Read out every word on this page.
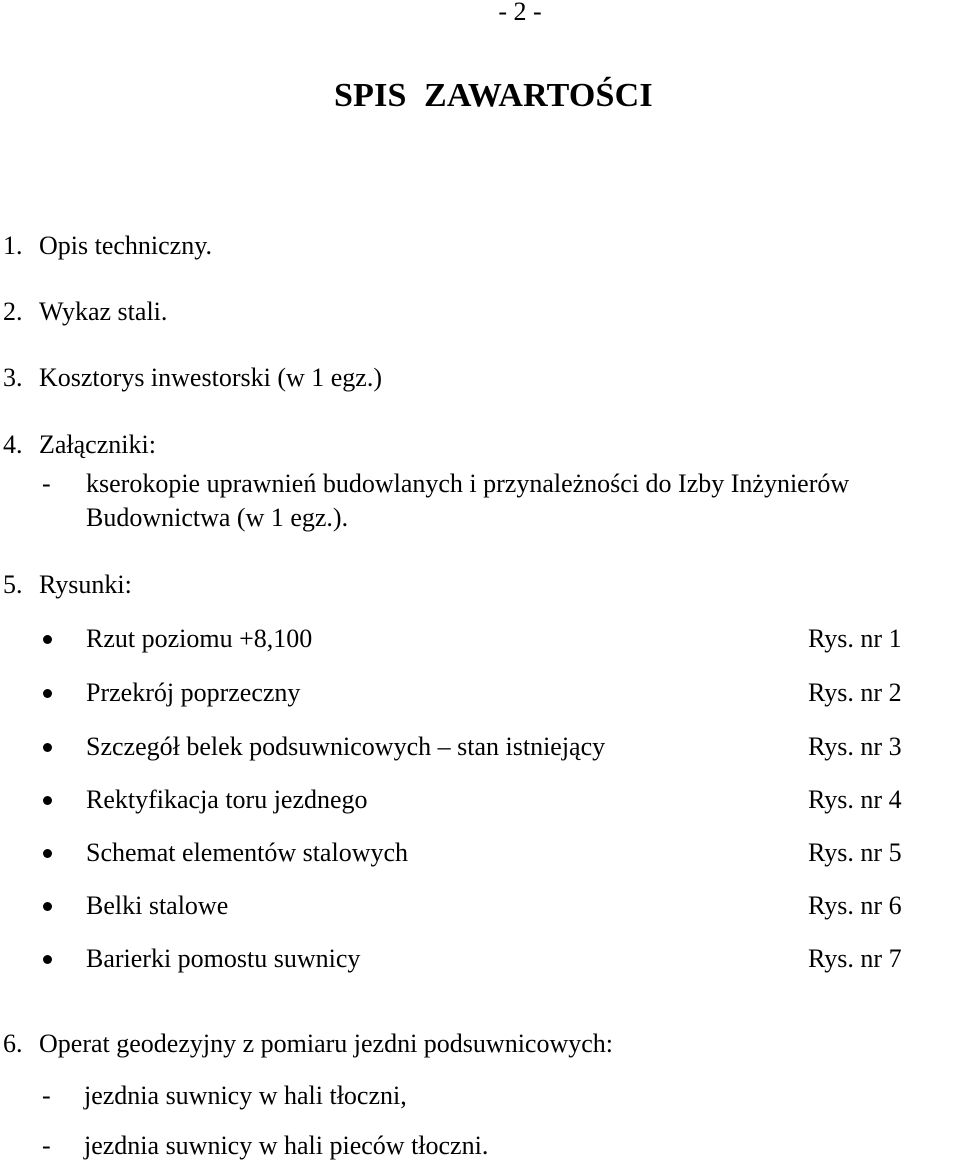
- 2 -
SPIS  ZAWARTOŚCI
1. Opis techniczny.
2. Wykaz stali.
3. Kosztorys inwestorski (w 1 egz.)
4. Załączniki:
- kserokopie uprawnień budowlanych i przynależności do Izby Inżynierów
Budownictwa (w 1 egz.).
5. Rysunki:
Rzut poziomu +8,100	Rys. nr 1
Przekrój poprzeczny	Rys. nr 2
Szczegół belek podsuwnicowych – stan istniejący	Rys. nr 3
Rektyfikacja toru jezdnego	Rys. nr 4
Schemat elementów stalowych	Rys. nr 5
Belki stalowe	Rys. nr 6
Barierki pomostu suwnicy	Rys. nr 7
6. Operat geodezyjny z pomiaru jezdni podsuwnicowych:
- jezdnia suwnicy w hali tłoczni,
- jezdnia suwnicy w hali pieców tłoczni.
